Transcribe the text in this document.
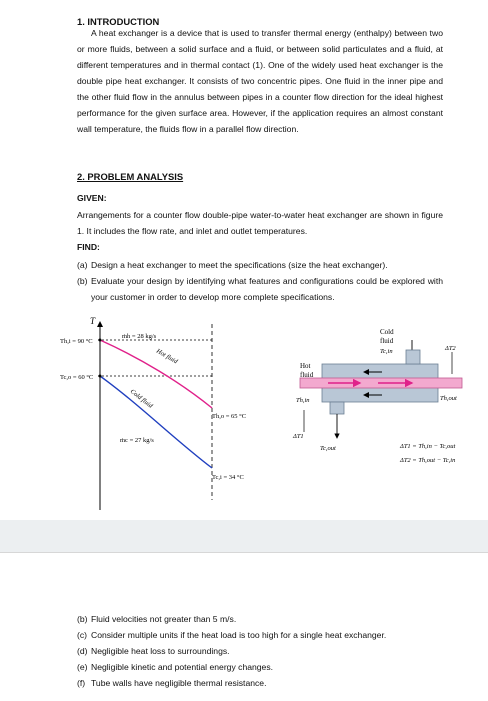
1. INTRODUCTION
A heat exchanger is a device that is used to transfer thermal energy (enthalpy) between two or more fluids, between a solid surface and a fluid, or between solid particulates and a fluid, at different temperatures and in thermal contact (1). One of the widely used heat exchanger is the double pipe heat exchanger. It consists of two concentric pipes. One fluid in the inner pipe and the other fluid flow in the annulus between pipes in a counter flow direction for the ideal highest performance for the given surface area. However, if the application requires an almost constant wall temperature, the fluids flow in a parallel flow direction.
2. PROBLEM ANALYSIS
GIVEN:
Arrangements for a counter flow double-pipe water-to-water heat exchanger are shown in figure 1. It includes the flow rate, and inlet and outlet temperatures.
FIND:
(a) Design a heat exchanger to meet the specifications (size the heat exchanger).
(b) Evaluate your design by identifying what features and configurations could be explored with your customer in order to develop more complete specifications.
T
Th,i = 90 °C
Tc,o = 60 °C
ṁh = 28 kg/s
Hot fluid
Cold fluid
ṁc = 27 kg/s
Th,o = 65 °C
Tc,i = 34 °C
Cold
fluid
Tc,in
Hot
fluid
Th,in	Th,out
Tc,out
ΔT1
ΔT2
ΔT1 = Th,in − Tc,out
ΔT2 = Th,out − Tc,in
(b) Fluid velocities not greater than 5 m/s.
(c) Consider multiple units if the heat load is too high for a single heat exchanger.
(d) Negligible heat loss to surroundings.
(e) Negligible kinetic and potential energy changes.
(f) Tube walls have negligible thermal resistance.
